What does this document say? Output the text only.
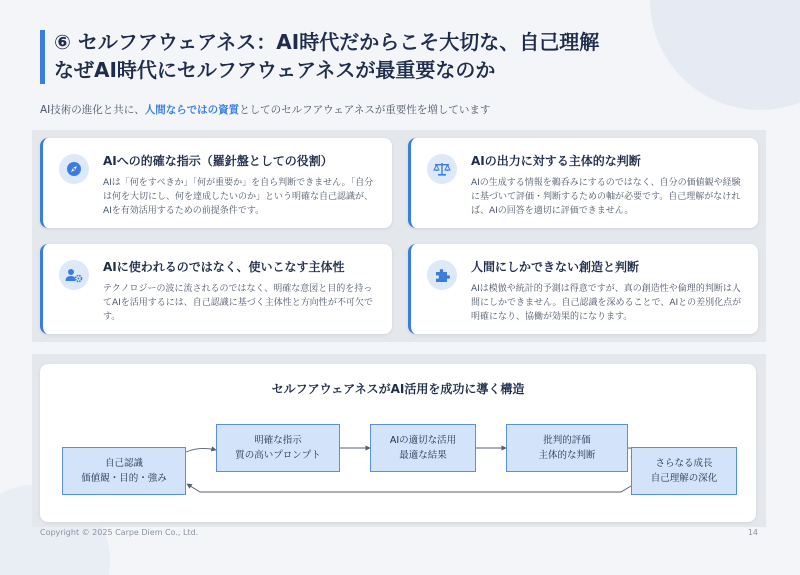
⑥ セルフアウェアネス：AI時代だからこそ大切な、自己理解
なぜAI時代にセルフアウェアネスが最重要なのか
AI技術の進化と共に、人間ならではの資質としてのセルフアウェアネスが重要性を増しています
AIへの的確な指示（羅針盤としての役割）
AIは「何をすべきか」「何が重要か」を自ら判断できません。「自分は何を大切にし、何を達成したいのか」という明確な自己認識が、AIを有効活用するための前提条件です。
AIの出力に対する主体的な判断
AIの生成する情報を鵜呑みにするのではなく、自分の価値観や経験に基づいて評価・判断するための軸が必要です。自己理解がなければ、AIの回答を適切に評価できません。
AIに使われるのではなく、使いこなす主体性
テクノロジーの波に流されるのではなく、明確な意図と目的を持ってAIを活用するには、自己認識に基づく主体性と方向性が不可欠です。
人間にしかできない創造と判断
AIは模倣や統計的予測は得意ですが、真の創造性や倫理的判断は人間にしかできません。自己認識を深めることで、AIとの差別化点が明確になり、協働が効果的になります。
セルフアウェアネスがAI活用を成功に導く構造
自己認識
価値観・目的・強み
明確な指示
質の高いプロンプト
AIの適切な活用
最適な結果
批判的評価
主体的な判断
さらなる成長
自己理解の深化
Copyright © 2025 Carpe Diem Co., Ltd.	14
